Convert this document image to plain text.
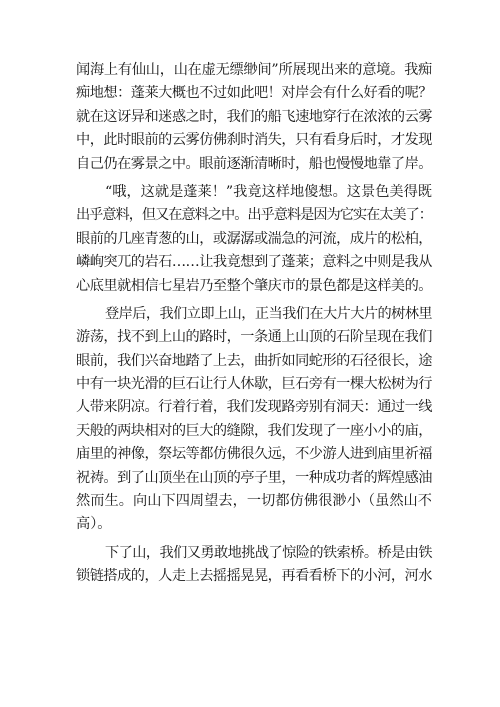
闻海上有仙山，山在虚无缥缈间”所展现出来的意境。我痴
痴地想：蓬莱大概也不过如此吧！对岸会有什么好看的呢？
就在这讶异和迷惑之时，我们的船飞速地穿行在浓浓的云雾
中，此时眼前的云雾仿佛刹时消失，只有看身后时，才发现
自己仍在雾景之中。眼前逐渐清晰时，船也慢慢地靠了岸。
“哦，这就是蓬莱！”我竟这样地傻想。这景色美得既
出乎意料，但又在意料之中。出乎意料是因为它实在太美了：
眼前的几座青葱的山，或潺潺或湍急的河流，成片的松柏，
嶙峋突兀的岩石……让我竟想到了蓬莱；意料之中则是我从
心底里就相信七星岩乃至整个肇庆市的景色都是这样美的。
登岸后，我们立即上山，正当我们在大片大片的树林里
游荡，找不到上山的路时，一条通上山顶的石阶呈现在我们
眼前，我们兴奋地踏了上去，曲折如同蛇形的石径很长，途
中有一块光滑的巨石让行人休歇，巨石旁有一棵大松树为行
人带来阴凉。行着行着，我们发现路旁别有洞天：通过一线
天般的两块相对的巨大的缝隙，我们发现了一座小小的庙，
庙里的神像，祭坛等都仿佛很久远，不少游人进到庙里祈福
祝祷。到了山顶坐在山顶的亭子里，一种成功者的辉煌感油
然而生。向山下四周望去，一切都仿佛很渺小（虽然山不
高）。
下了山，我们又勇敢地挑战了惊险的铁索桥。桥是由铁
锁链搭成的，人走上去摇摇晃晃，再看看桥下的小河，河水
